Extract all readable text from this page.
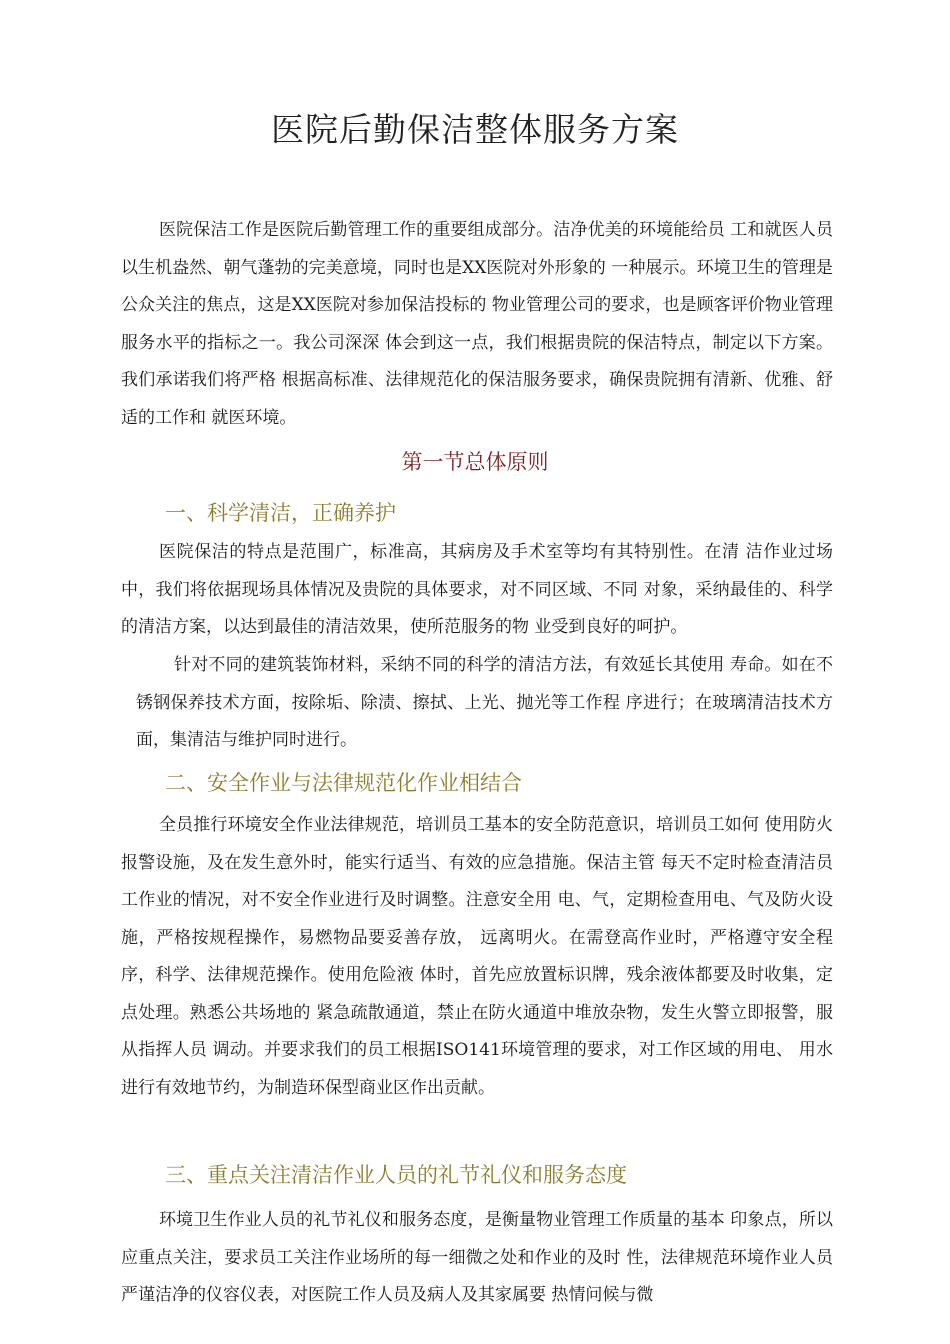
医院后勤保洁整体服务方案

医院保洁工作是医院后勤管理工作的重要组成部分。洁净优美的环境能给员 工和就医人员以生机盎然、朝气蓬勃的完美意境，同时也是XX医院对外形象的 一种展示。环境卫生的管理是公众关注的焦点，这是XX医院对参加保洁投标的 物业管理公司的要求，也是顾客评价物业管理服务水平的指标之一。我公司深深 体会到这一点，我们根据贵院的保洁特点，制定以下方案。我们承诺我们将严格 根据高标准、法律规范化的保洁服务要求，确保贵院拥有清新、优雅、舒适的工作和 就医环境。

第一节总体原则
一、科学清洁，正确养护

医院保洁的特点是范围广，标准高，其病房及手术室等均有其特别性。在清 洁作业过场中，我们将依据现场具体情况及贵院的具体要求，对不同区域、不同 对象，采纳最佳的、科学的清洁方案，以达到最佳的清洁效果，使所范服务的物 业受到良好的呵护。

针对不同的建筑装饰材料，采纳不同的科学的清洁方法，有效延长其使用 寿命。如在不锈钢保养技术方面，按除垢、除渍、擦拭、上光、抛光等工作程 序进行；在玻璃清洁技术方面，集清洁与维护同时进行。

二、安全作业与法律规范化作业相结合

全员推行环境安全作业法律规范，培训员工基本的安全防范意识，培训员工如何 使用防火报警设施，及在发生意外时，能实行适当、有效的应急措施。保洁主管 每天不定时检查清洁员工作业的情况，对不安全作业进行及时调整。注意安全用 电、气，定期检查用电、气及防火设施，严格按规程操作，易燃物品要妥善存放， 远离明火。在需登高作业时，严格遵守安全程序，科学、法律规范操作。使用危险液 体时，首先应放置标识牌，残余液体都要及时收集，定点处理。熟悉公共场地的 紧急疏散通道，禁止在防火通道中堆放杂物，发生火警立即报警，服从指挥人员 调动。并要求我们的员工根据ISO141环境管理的要求，对工作区域的用电、 用水进行有效地节约，为制造环保型商业区作出贡献。

三、重点关注清洁作业人员的礼节礼仪和服务态度

环境卫生作业人员的礼节礼仪和服务态度，是衡量物业管理工作质量的基本 印象点，所以应重点关注，要求员工关注作业场所的每一细微之处和作业的及时 性，法律规范环境作业人员严谨洁净的仪容仪表，对医院工作人员及病人及其家属要 热情问候与微
